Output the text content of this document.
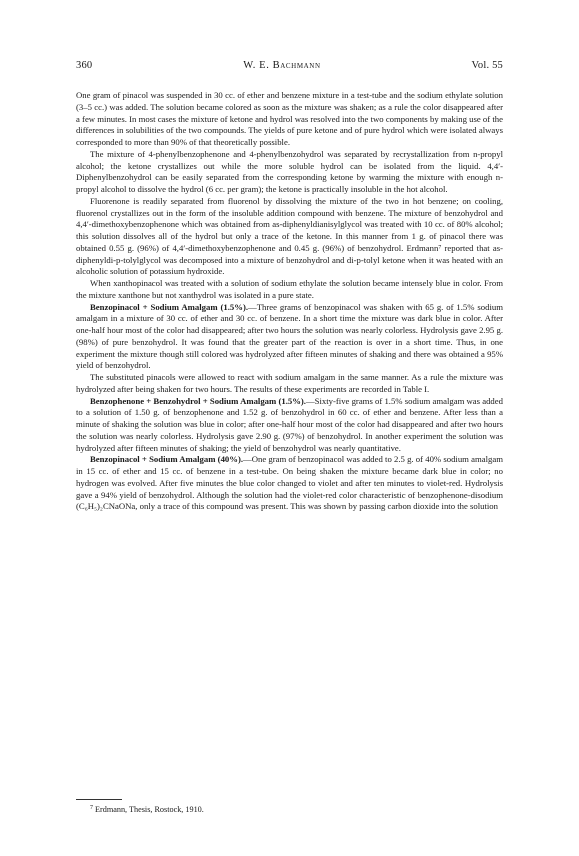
360	W. E. Bachmann	Vol. 55

One gram of pinacol was suspended in 30 cc. of ether and benzene mixture in a test-tube and the sodium ethylate solution (3–5 cc.) was added. The solution became colored as soon as the mixture was shaken; as a rule the color disappeared after a few minutes. In most cases the mixture of ketone and hydrol was resolved into the two components by making use of the differences in solubilities of the two compounds. The yields of pure ketone and of pure hydrol which were isolated always corresponded to more than 90% of that theoretically possible.

The mixture of 4-phenylbenzophenone and 4-phenylbenzohydrol was separated by recrystallization from n-propyl alcohol; the ketone crystallizes out while the more soluble hydrol can be isolated from the liquid. 4,4′-Diphenylbenzohydrol can be easily separated from the corresponding ketone by warming the mixture with enough n-propyl alcohol to dissolve the hydrol (6 cc. per gram); the ketone is practically insoluble in the hot alcohol.

Fluorenone is readily separated from fluorenol by dissolving the mixture of the two in hot benzene; on cooling, fluorenol crystallizes out in the form of the insoluble addition compound with benzene. The mixture of benzohydrol and 4,4′-dimethoxybenzophenone which was obtained from as-diphenyldianisylglycol was treated with 10 cc. of 80% alcohol; this solution dissolves all of the hydrol but only a trace of the ketone. In this manner from 1 g. of pinacol there was obtained 0.55 g. (96%) of 4,4′-dimethoxybenzophenone and 0.45 g. (96%) of benzohydrol. Erdmann⁷ reported that as-diphenyldi-p-tolylglycol was decomposed into a mixture of benzohydrol and di-p-tolyl ketone when it was heated with an alcoholic solution of potassium hydroxide.

When xanthopinacol was treated with a solution of sodium ethylate the solution became intensely blue in color. From the mixture xanthone but not xanthydrol was isolated in a pure state.

Benzopinacol + Sodium Amalgam (1.5%).—Three grams of benzopinacol was shaken with 65 g. of 1.5% sodium amalgam in a mixture of 30 cc. of ether and 30 cc. of benzene. In a short time the mixture was dark blue in color. After one-half hour most of the color had disappeared; after two hours the solution was nearly colorless. Hydrolysis gave 2.95 g. (98%) of pure benzohydrol. It was found that the greater part of the reaction is over in a short time. Thus, in one experiment the mixture though still colored was hydrolyzed after fifteen minutes of shaking and there was obtained a 95% yield of benzohydrol.

The substituted pinacols were allowed to react with sodium amalgam in the same manner. As a rule the mixture was hydrolyzed after being shaken for two hours. The results of these experiments are recorded in Table I.

Benzophenone + Benzohydrol + Sodium Amalgam (1.5%).—Sixty-five grams of 1.5% sodium amalgam was added to a solution of 1.50 g. of benzophenone and 1.52 g. of benzohydrol in 60 cc. of ether and benzene. After less than a minute of shaking the solution was blue in color; after one-half hour most of the color had disappeared and after two hours the solution was nearly colorless. Hydrolysis gave 2.90 g. (97%) of benzohydrol. In another experiment the solution was hydrolyzed after fifteen minutes of shaking; the yield of benzohydrol was nearly quantitative.

Benzopinacol + Sodium Amalgam (40%).—One gram of benzopinacol was added to 2.5 g. of 40% sodium amalgam in 15 cc. of ether and 15 cc. of benzene in a test-tube. On being shaken the mixture became dark blue in color; no hydrogen was evolved. After five minutes the blue color changed to violet and after ten minutes to violet-red. Hydrolysis gave a 94% yield of benzohydrol. Although the solution had the violet-red color characteristic of benzophenone-disodium (C₆H₅)₂CNaONa, only a trace of this compound was present. This was shown by passing carbon dioxide into the solution

$^7$ Erdmann, Thesis, Rostock, 1910.
